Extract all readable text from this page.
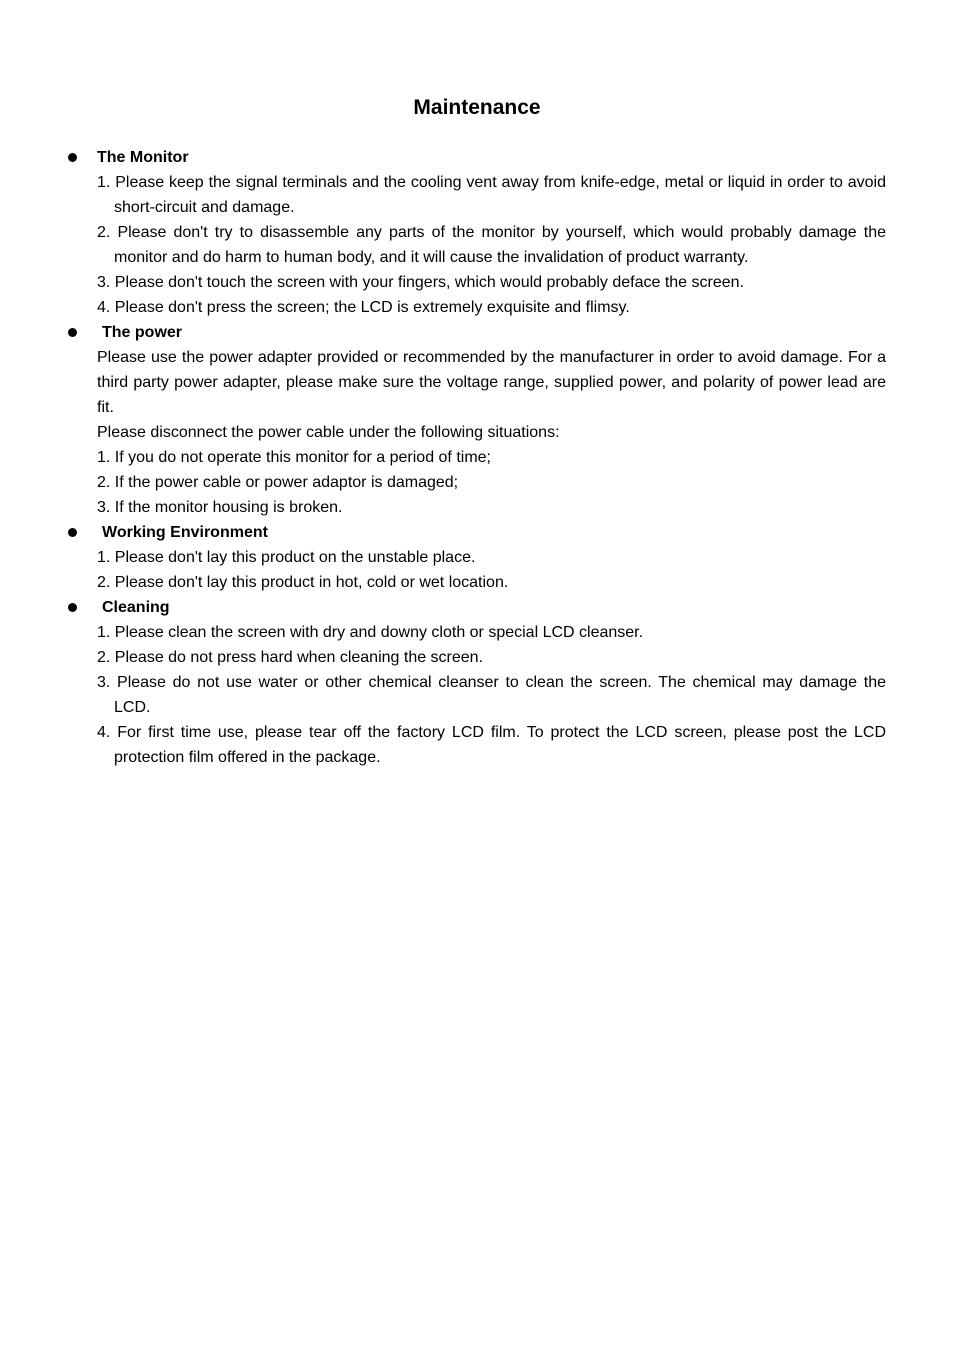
Maintenance
The Monitor
1. Please keep the signal terminals and the cooling vent away from knife-edge, metal or liquid in order to avoid short-circuit and damage.
2. Please don't try to disassemble any parts of the monitor by yourself, which would probably damage the monitor and do harm to human body, and it will cause the invalidation of product warranty.
3. Please don't touch the screen with your fingers, which would probably deface the screen.
4. Please don't press the screen; the LCD is extremely exquisite and flimsy.
The power
Please use the power adapter provided or recommended by the manufacturer in order to avoid damage. For a third party power adapter, please make sure the voltage range, supplied power, and polarity of power lead are fit.
Please disconnect the power cable under the following situations:
1. If you do not operate this monitor for a period of time;
2. If the power cable or power adaptor is damaged;
3. If the monitor housing is broken.
Working Environment
1. Please don't lay this product on the unstable place.
2. Please don't lay this product in hot, cold or wet location.
Cleaning
1. Please clean the screen with dry and downy cloth or special LCD cleanser.
2. Please do not press hard when cleaning the screen.
3. Please do not use water or other chemical cleanser to clean the screen. The chemical may damage the LCD.
4. For first time use, please tear off the factory LCD film. To protect the LCD screen, please post the LCD protection film offered in the package.
